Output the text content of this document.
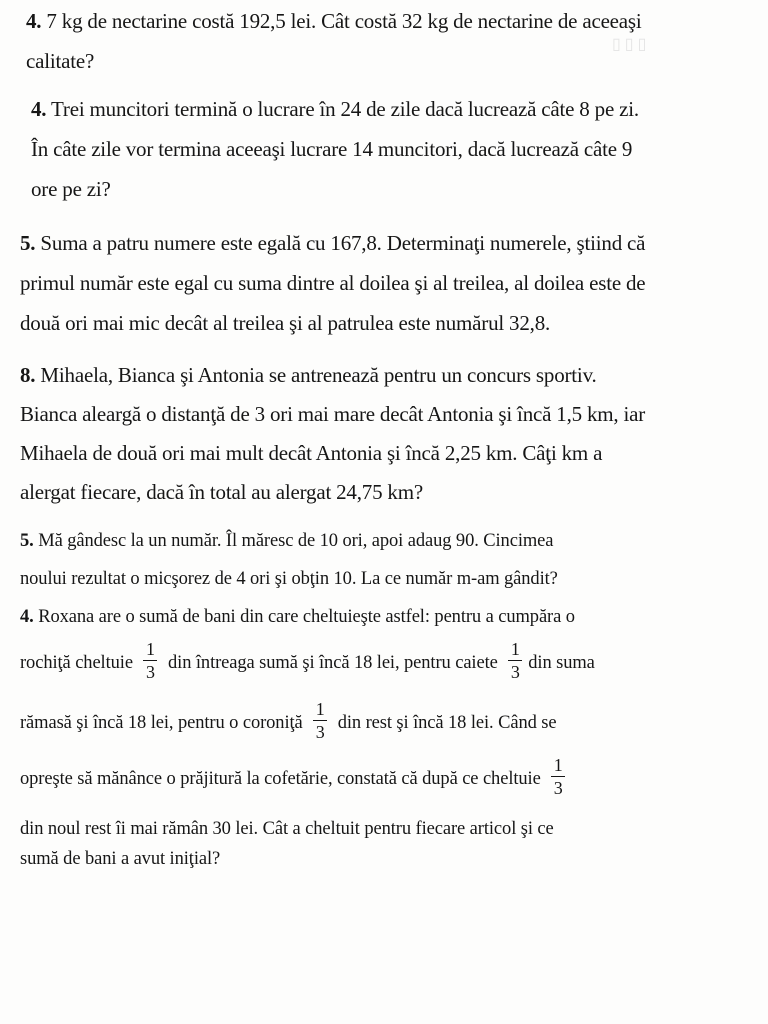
▯ ▯ ▯
4. 7 kg de nectarine costă 192,5 lei. Cât costă 32 kg de nectarine de aceeaşi
calitate?
4. Trei muncitori termină o lucrare în 24 de zile dacă lucrează câte 8 pe zi.
În câte zile vor termina aceeaşi lucrare 14 muncitori, dacă lucrează câte 9
ore pe zi?
5. Suma a patru numere este egală cu 167,8. Determinaţi numerele, ştiind că
primul număr este egal cu suma dintre al doilea şi al treilea, al doilea este de
două ori mai mic decât al treilea şi al patrulea este numărul 32,8.
8. Mihaela, Bianca şi Antonia se antrenează pentru un concurs sportiv.
Bianca aleargă o distanţă de 3 ori mai mare decât Antonia şi încă 1,5 km, iar
Mihaela de două ori mai mult decât Antonia şi încă 2,25 km. Câţi km a
alergat fiecare, dacă în total au alergat 24,75 km?
5. Mă gândesc la un număr. Îl măresc de 10 ori, apoi adaug 90. Cincimea
noului rezultat o micşorez de 4 ori şi obţin 10. La ce număr m-am gândit?
4. Roxana are o sumă de bani din care cheltuieşte astfel: pentru a cumpăra o
rochiţă cheltuie $\frac{1}{3}$ din întreaga sumă şi încă 18 lei, pentru caiete $\frac{1}{3}$ din suma
rămasă şi încă 18 lei, pentru o coroniţă $\frac{1}{3}$ din rest şi încă 18 lei. Când se
opreşte să mănânce o prăjitură la cofetărie, constată că după ce cheltuie $\frac{1}{3}$
din noul rest îi mai rămân 30 lei. Cât a cheltuit pentru fiecare articol şi ce
sumă de bani a avut iniţial?
